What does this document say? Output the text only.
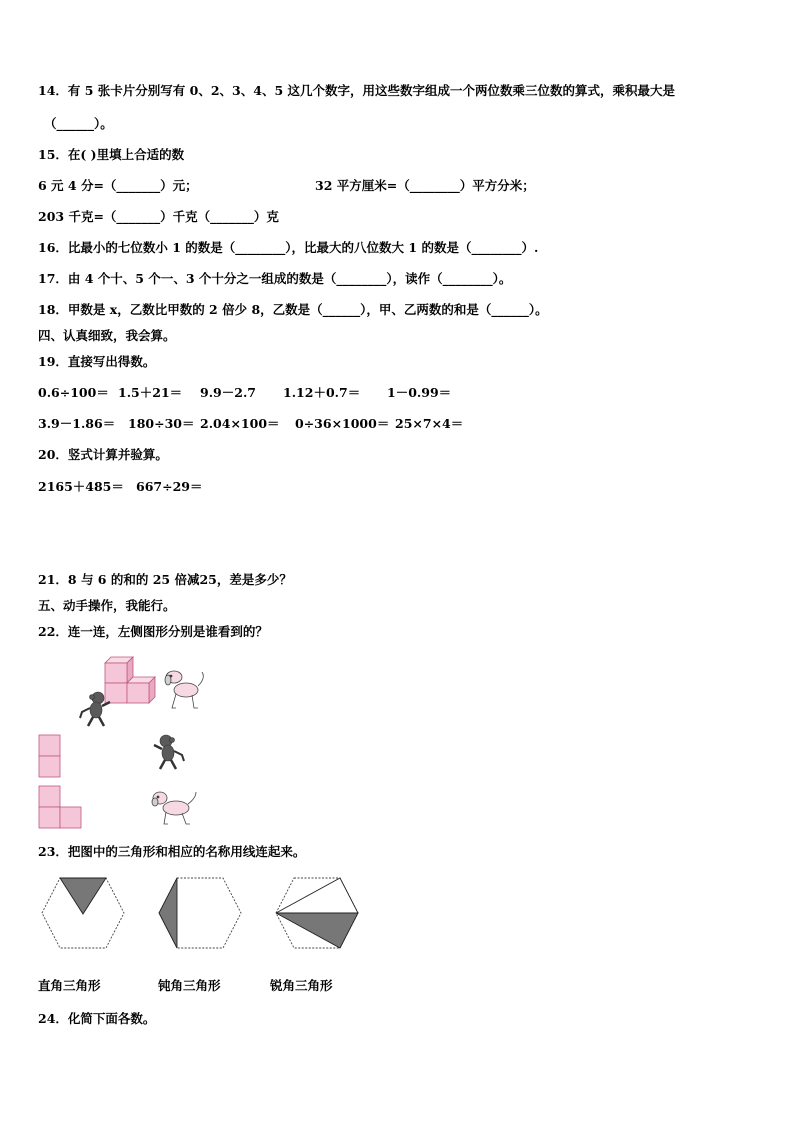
14．有 5 张卡片分别写有 0、2、3、4、5 这几个数字，用这些数字组成一个两位数乘三位数的算式，乘积最大是
（______）。
15．在( )里填上合适的数
6 元 4 分=（_______）元；	32 平方厘米=（________）平方分米；
203 千克=（_______）千克（_______）克
16．比最小的七位数小 1 的数是（________），比最大的八位数大 1 的数是（________）.
17．由 4 个十、5 个一、3 个十分之一组成的数是（________），读作（________）。
18．甲数是 x，乙数比甲数的 2 倍少 8，乙数是（______），甲、乙两数的和是（______）。
四、认真细致，我会算。
19．直接写出得数。
0.6÷100＝ 1.5＋21＝ 9.9－2.7 1.12＋0.7＝ 1－0.99＝
3.9－1.86＝ 180÷30＝ 2.04×100＝ 0÷36×1000＝ 25×7×4＝
20．竖式计算并验算。
2165＋485＝ 667÷29＝
21．8 与 6 的和的 25 倍减25，差是多少？
五、动手操作，我能行。
22．连一连，左侧图形分别是谁看到的？
23．把图中的三角形和相应的名称用线连起来。
直角三角形	钝角三角形	锐角三角形
24．化简下面各数。
